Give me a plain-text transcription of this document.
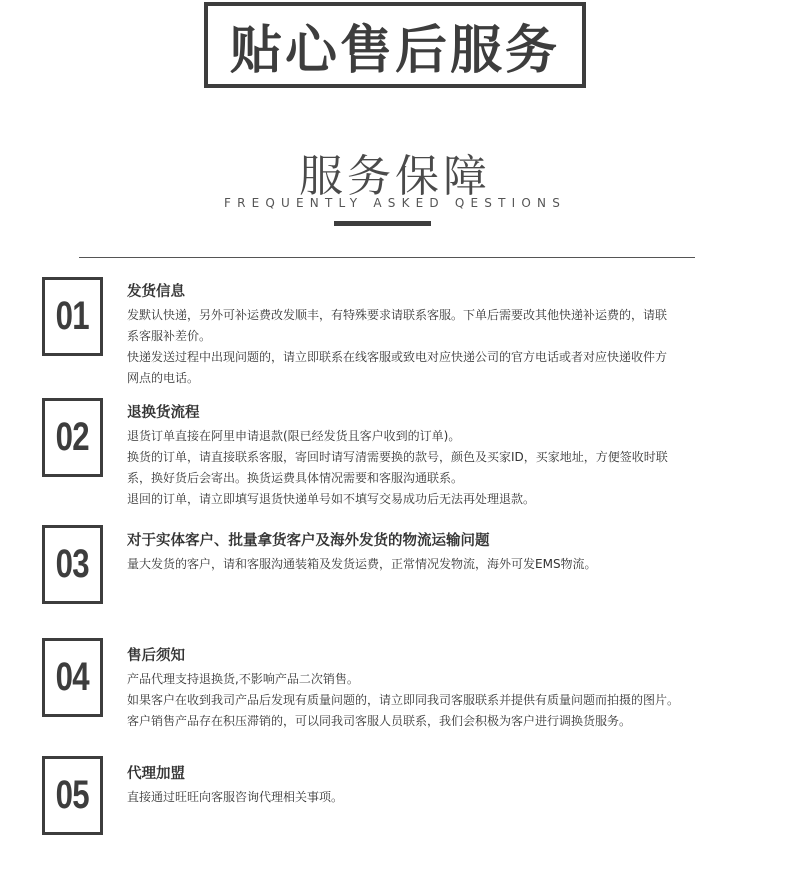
贴心售后服务
服务保障
FREQUENTLY ASKED QESTIONS
01
发货信息
发默认快递，另外可补运费改发顺丰，有特殊要求请联系客服。下单后需要改其他快递补运费的，请联
系客服补差价。
快递发送过程中出现问题的，请立即联系在线客服或致电对应快递公司的官方电话或者对应快递收件方
网点的电话。
02
退换货流程
退货订单直接在阿里申请退款(限已经发货且客户收到的订单)。
换货的订单，请直接联系客服，寄回时请写清需要换的款号，颜色及买家ID，买家地址，方便签收时联
系，换好货后会寄出。换货运费具体情况需要和客服沟通联系。
退回的订单，请立即填写退货快递单号如不填写交易成功后无法再处理退款。
03
对于实体客户、批量拿货客户及海外发货的物流运输问题
量大发货的客户，请和客服沟通装箱及发货运费，正常情况发物流，海外可发EMS物流。
04	售后须知
产品代理支持退换货,不影响产品二次销售。
如果客户在收到我司产品后发现有质量问题的，请立即同我司客服联系并提供有质量问题而拍摄的图片。
客户销售产品存在积压滞销的，可以同我司客服人员联系，我们会积极为客户进行调换货服务。
05	代理加盟
直接通过旺旺向客服咨询代理相关事项。
